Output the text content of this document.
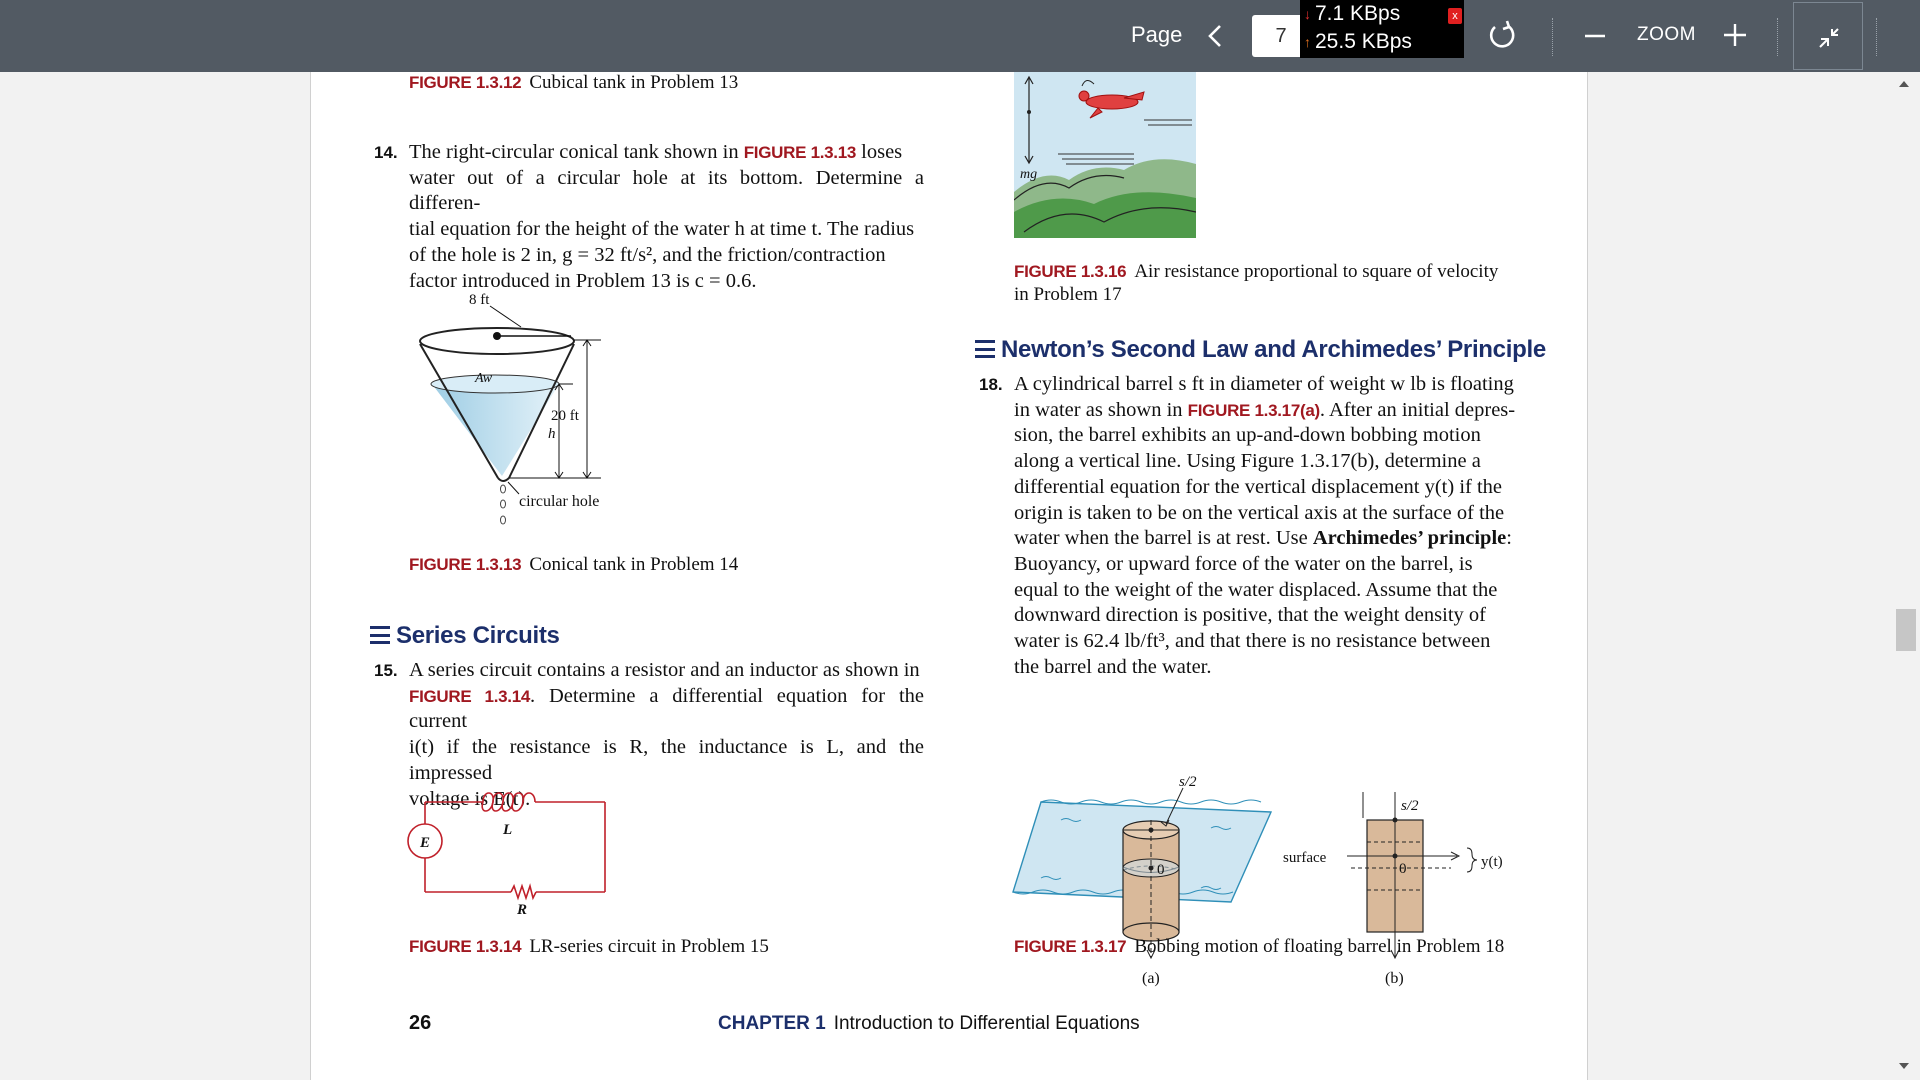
Page
7
↓ 7.1 KBps
↑ 25.5 KBps
x
ZOOM
FIGURE 1.3.12 Cubical tank in Problem 13
14. The right-circular conical tank shown in FIGURE 1.3.13 loses
water out of a circular hole at its bottom. Determine a differen-
tial equation for the height of the water h at time t. The radius
of the hole is 2 in, g = 32 ft/s², and the friction/contraction
factor introduced in Problem 13 is c = 0.6.
8 ft
Aw
20 ft
h
circular hole
FIGURE 1.3.13 Conical tank in Problem 14
Series Circuits
15. A series circuit contains a resistor and an inductor as shown in
FIGURE 1.3.14. Determine a differential equation for the current
i(t) if the resistance is R, the inductance is L, and the impressed
voltage is E(t).
L
E
R
FIGURE 1.3.14 LR-series circuit in Problem 15
mg
FIGURE 1.3.16 Air resistance proportional to square of velocity
in Problem 17
Newton’s Second Law and Archimedes’ Principle
18. A cylindrical barrel s ft in diameter of weight w lb is floating
in water as shown in FIGURE 1.3.17(a). After an initial depres-
sion, the barrel exhibits an up-and-down bobbing motion
along a vertical line. Using Figure 1.3.17(b), determine a
differential equation for the vertical displacement y(t) if the
origin is taken to be on the vertical axis at the surface of the
water when the barrel is at rest. Use Archimedes’ principle:
Buoyancy, or upward force of the water on the barrel, is
equal to the weight of the water displaced. Assume that the
downward direction is positive, that the weight density of
water is 62.4 lb/ft³, and that there is no resistance between
the barrel and the water.
s/2
0
(a)
s/2
0
surface	y(t)
(b)
FIGURE 1.3.17 Bobbing motion of floating barrel in Problem 18
26	CHAPTER 1 Introduction to Differential Equations
